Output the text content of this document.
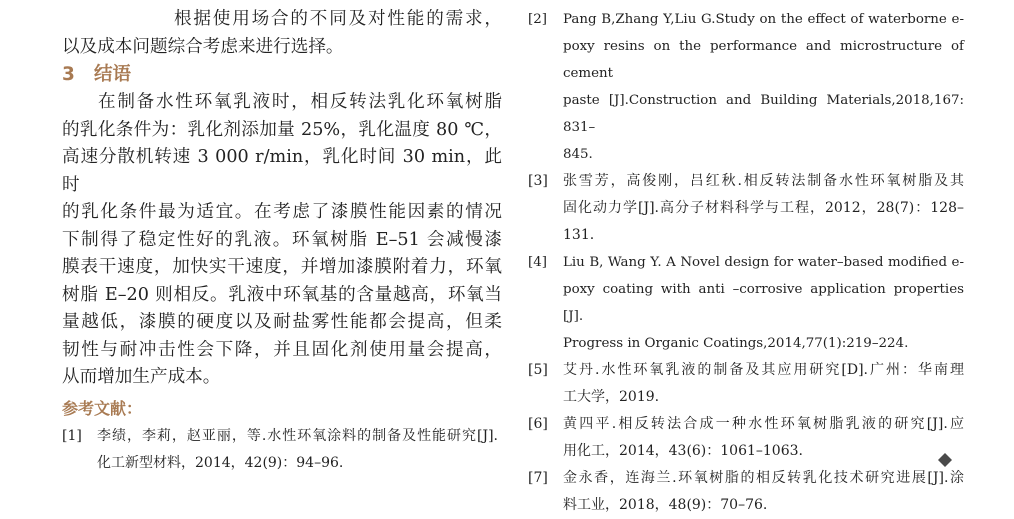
根据使用场合的不同及对性能的需求，
以及成本问题综合考虑来进行选择。
3 结语
在制备水性环氧乳液时，相反转法乳化环氧树脂
的乳化条件为：乳化剂添加量 25%，乳化温度 80 ℃，
高速分散机转速 3 000 r/min，乳化时间 30 min，此时
的乳化条件最为适宜。在考虑了漆膜性能因素的情况
下制得了稳定性好的乳液。环氧树脂 E–51 会减慢漆
膜表干速度，加快实干速度，并增加漆膜附着力，环氧
树脂 E–20 则相反。乳液中环氧基的含量越高，环氧当
量越低，漆膜的硬度以及耐盐雾性能都会提高，但柔
韧性与耐冲击性会下降，并且固化剂使用量会提高，
从而增加生产成本。
参考文献：
[1] 李绩，李莉，赵亚丽，等.水性环氧涂料的制备及性能研究[J].
化工新型材料，2014，42(9)：94–96.
[2] Pang B,Zhang Y,Liu G.Study on the effect of waterborne e-
poxy resins on the performance and microstructure of cement
paste [J].Construction and Building Materials,2018,167: 831–
845.
[3] 张雪芳，高俊刚，吕红秋.相反转法制备水性环氧树脂及其
固化动力学[J].高分子材料科学与工程，2012，28(7)：128–
131.
[4] Liu B, Wang Y. A Novel design for water–based modified e-
poxy coating with anti –corrosive application properties [J].
Progress in Organic Coatings,2014,77(1):219–224.
[5] 艾丹.水性环氧乳液的制备及其应用研究[D].广州：华南理
工大学，2019.
[6] 黄四平.相反转法合成一种水性环氧树脂乳液的研究[J].应
用化工，2014，43(6)：1061–1063.
[7] 金永香，连海兰.环氧树脂的相反转乳化技术研究进展[J].涂
料工业，2018，48(9)：70–76.
